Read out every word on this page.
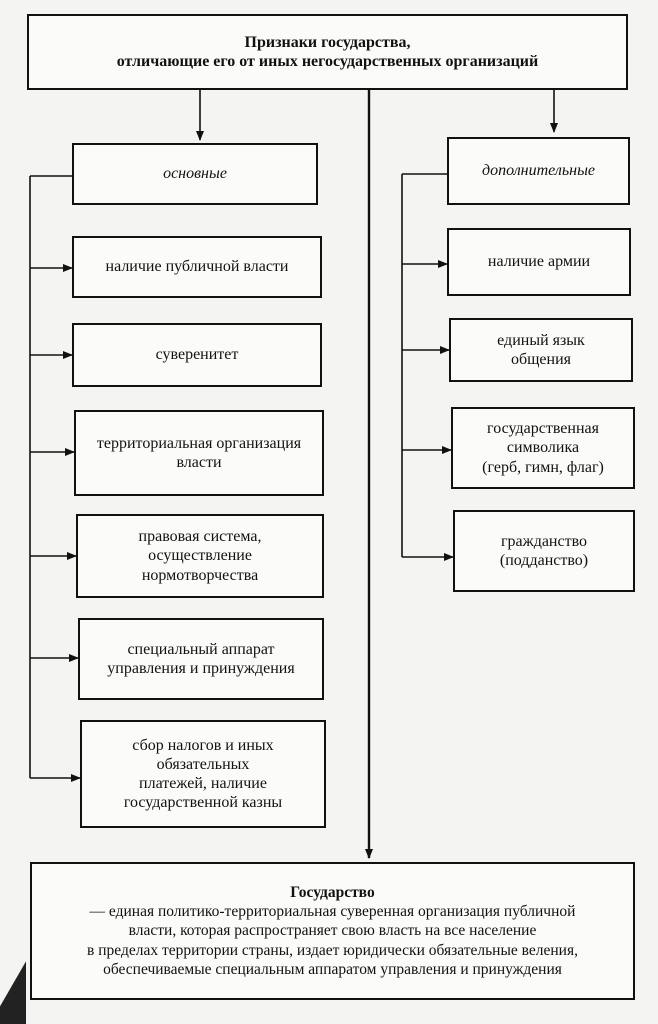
Признаки государства,
отличающие его от иных негосударственных организаций
основные	дополнительные
наличие публичной власти
суверенитет
территориальная организация
власти
правовая система,
осуществление
нормотворчества
специальный аппарат
управления и принуждения
сбор налогов и иных
обязательных
платежей, наличие
государственной казны
наличие армии
единый язык
общения
государственная
символика
(герб, гимн, флаг)
гражданство
(подданство)
Государство
— единая политико-территориальная суверенная организация публичной
власти, которая распространяет свою власть на все население
в пределах территории страны, издает юридически обязательные веления,
обеспечиваемые специальным аппаратом управления и принуждения
